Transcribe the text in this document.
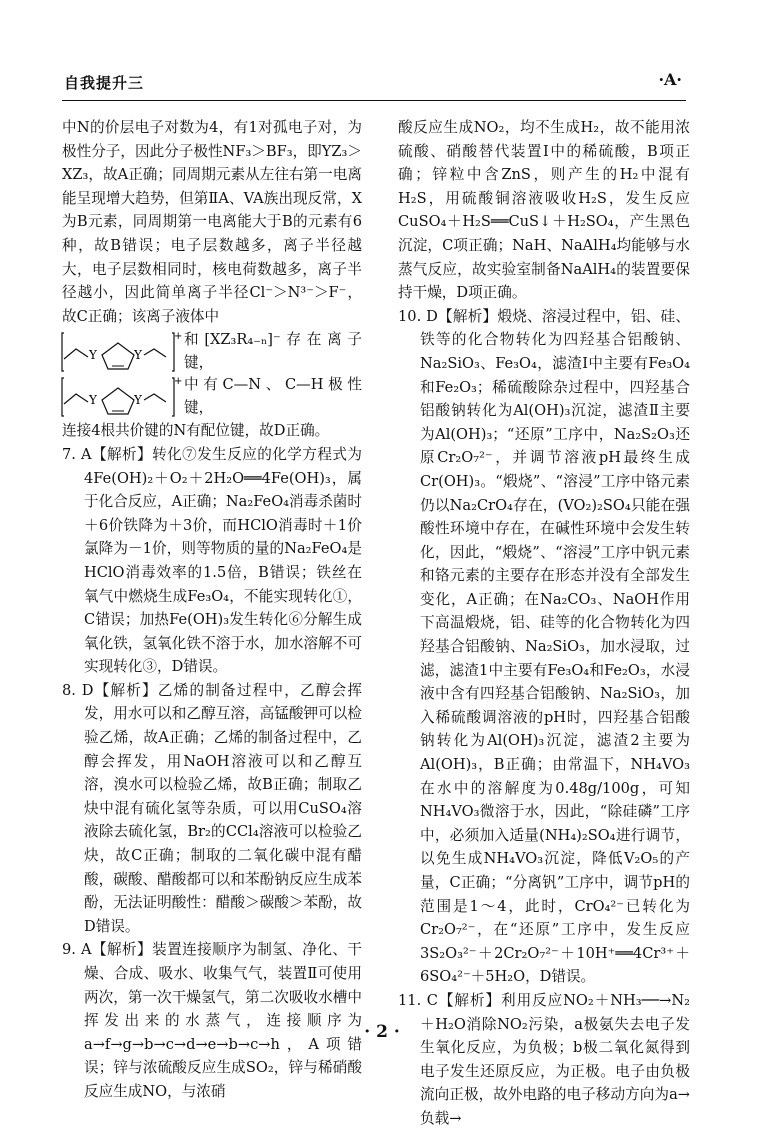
自我提升三	·A·

中N的价层电子对数为4，有1对孤电子对，为极性分子，因此分子极性NF₃＞BF₃，即YZ₃＞XZ₃，故A正确；同周期元素从左往右第一电离能呈现增大趋势，但第ⅡA、VA族出现反常，X为B元素，同周期第一电离能大于B的元素有6种，故B错误；电子层数越多，离子半径越大，电子层数相同时，核电荷数越多，离子半径越小，因此简单离子半径Cl⁻＞N³⁻＞F⁻，故C正确；该离子液体中

Y	Y
+ 和[XZ₃R₄₋ₙ]⁻存在离子键，
Y	Y
+ 中有C—N、C—H极性键，

连接4根共价键的N有配位键，故D正确。

7. A【解析】转化⑦发生反应的化学方程式为4Fe(OH)₂＋O₂＋2H₂O══4Fe(OH)₃，属于化合反应，A正确；Na₂FeO₄消毒杀菌时＋6价铁降为＋3价，而HClO消毒时＋1价氯降为－1价，则等物质的量的Na₂FeO₄是HClO消毒效率的1.5倍，B错误；铁丝在氧气中燃烧生成Fe₃O₄，不能实现转化①，C错误；加热Fe(OH)₃发生转化⑥分解生成氧化铁，氢氧化铁不溶于水，加水溶解不可实现转化③，D错误。

8. D【解析】乙烯的制备过程中，乙醇会挥发，用水可以和乙醇互溶，高锰酸钾可以检验乙烯，故A正确；乙烯的制备过程中，乙醇会挥发，用NaOH溶液可以和乙醇互溶，溴水可以检验乙烯，故B正确；制取乙炔中混有硫化氢等杂质，可以用CuSO₄溶液除去硫化氢，Br₂的CCl₄溶液可以检验乙炔，故C正确；制取的二氧化碳中混有醋酸，碳酸、醋酸都可以和苯酚钠反应生成苯酚，无法证明酸性：醋酸＞碳酸＞苯酚，故D错误。

9. A【解析】装置连接顺序为制氢、净化、干燥、合成、吸水、收集气气，装置Ⅱ可使用两次，第一次干燥氢气，第二次吸收水槽中挥发出来的水蒸气，连接顺序为a→f→g→b→c→d→e→b→c→h，A项错误；锌与浓硫酸反应生成SO₂，锌与稀硝酸反应生成NO，与浓硝

酸反应生成NO₂，均不生成H₂，故不能用浓硫酸、硝酸替代装置Ⅰ中的稀硫酸，B项正确；锌粒中含ZnS，则产生的H₂中混有H₂S，用硫酸铜溶液吸收H₂S，发生反应CuSO₄＋H₂S══CuS↓＋H₂SO₄，产生黑色沉淀，C项正确；NaH、NaAlH₄均能够与水蒸气反应，故实验室制备NaAlH₄的装置要保持干燥，D项正确。

10. D【解析】煅烧、溶浸过程中，铝、硅、铁等的化合物转化为四羟基合铝酸钠、Na₂SiO₃、Fe₃O₄，滤渣Ⅰ中主要有Fe₃O₄和Fe₂O₃；稀硫酸除杂过程中，四羟基合铝酸钠转化为Al(OH)₃沉淀，滤渣Ⅱ主要为Al(OH)₃；“还原”工序中，Na₂S₂O₃还原Cr₂O₇²⁻，并调节溶液pH最终生成Cr(OH)₃。“煅烧”、“溶浸”工序中铬元素仍以Na₂CrO₄存在，(VO₂)₂SO₄只能在强酸性环境中存在，在碱性环境中会发生转化，因此，“煅烧”、“溶浸”工序中钒元素和铬元素的主要存在形态并没有全部发生变化，A正确；在Na₂CO₃、NaOH作用下高温煅烧，铝、硅等的化合物转化为四羟基合铝酸钠、Na₂SiO₃，加水浸取，过滤，滤渣1中主要有Fe₃O₄和Fe₂O₃，水浸液中含有四羟基合铝酸钠、Na₂SiO₃，加入稀硫酸调溶液的pH时，四羟基合铝酸钠转化为Al(OH)₃沉淀，滤渣2主要为Al(OH)₃，B正确；由常温下，NH₄VO₃在水中的溶解度为0.48g/100g，可知NH₄VO₃微溶于水，因此，“除硅磷”工序中，必须加入适量(NH₄)₂SO₄进行调节，以免生成NH₄VO₃沉淀，降低V₂O₅的产量，C正确；“分离钒”工序中，调节pH的范围是1～4，此时，CrO₄²⁻已转化为Cr₂O₇²⁻，在“还原”工序中，发生反应3S₂O₃²⁻＋2Cr₂O₇²⁻＋10H⁺══4Cr³⁺＋6SO₄²⁻＋5H₂O，D错误。

11. C【解析】利用反应NO₂＋NH₃──→N₂＋H₂O消除NO₂污染，a极氨失去电子发生氧化反应，为负极；b极二氧化氮得到电子发生还原反应，为正极。电子由负极流向正极，故外电路的电子移动方向为a→负载→

· 2 ·
